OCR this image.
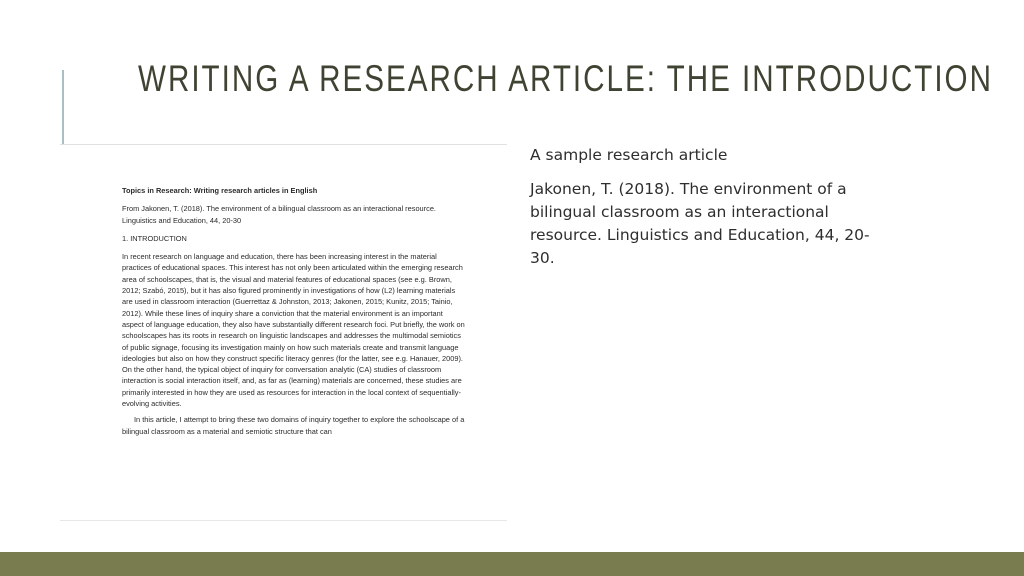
WRITING A RESEARCH ARTICLE: THE INTRODUCTION

Topics in Research: Writing research articles in English

From Jakonen, T. (2018). The environment of a bilingual classroom as an interactional resource. Linguistics and Education, 44, 20-30

1. INTRODUCTION

In recent research on language and education, there has been increasing interest in the material practices of educational spaces. This interest has not only been articulated within the emerging research area of schoolscapes, that is, the visual and material features of educational spaces (see e.g. Brown, 2012; Szabó, 2015), but it has also figured prominently in investigations of how (L2) learning materials are used in classroom interaction (Guerrettaz & Johnston, 2013; Jakonen, 2015; Kunitz, 2015; Tainio, 2012). While these lines of inquiry share a conviction that the material environment is an important aspect of language education, they also have substantially different research foci. Put briefly, the work on schoolscapes has its roots in research on linguistic landscapes and addresses the multimodal semiotics of public signage, focusing its investigation mainly on how such materials create and transmit language ideologies but also on how they construct specific literacy genres (for the latter, see e.g. Hanauer, 2009). On the other hand, the typical object of inquiry for conversation analytic (CA) studies of classroom interaction is social interaction itself, and, as far as (learning) materials are concerned, these studies are primarily interested in how they are used as resources for interaction in the local context of sequentially-evolving activities.

In this article, I attempt to bring these two domains of inquiry together to explore the schoolscape of a bilingual classroom as a material and semiotic structure that can

A sample research article

Jakonen, T. (2018). The environment of a bilingual classroom as an interactional resource. Linguistics and Education, 44, 20-30.
